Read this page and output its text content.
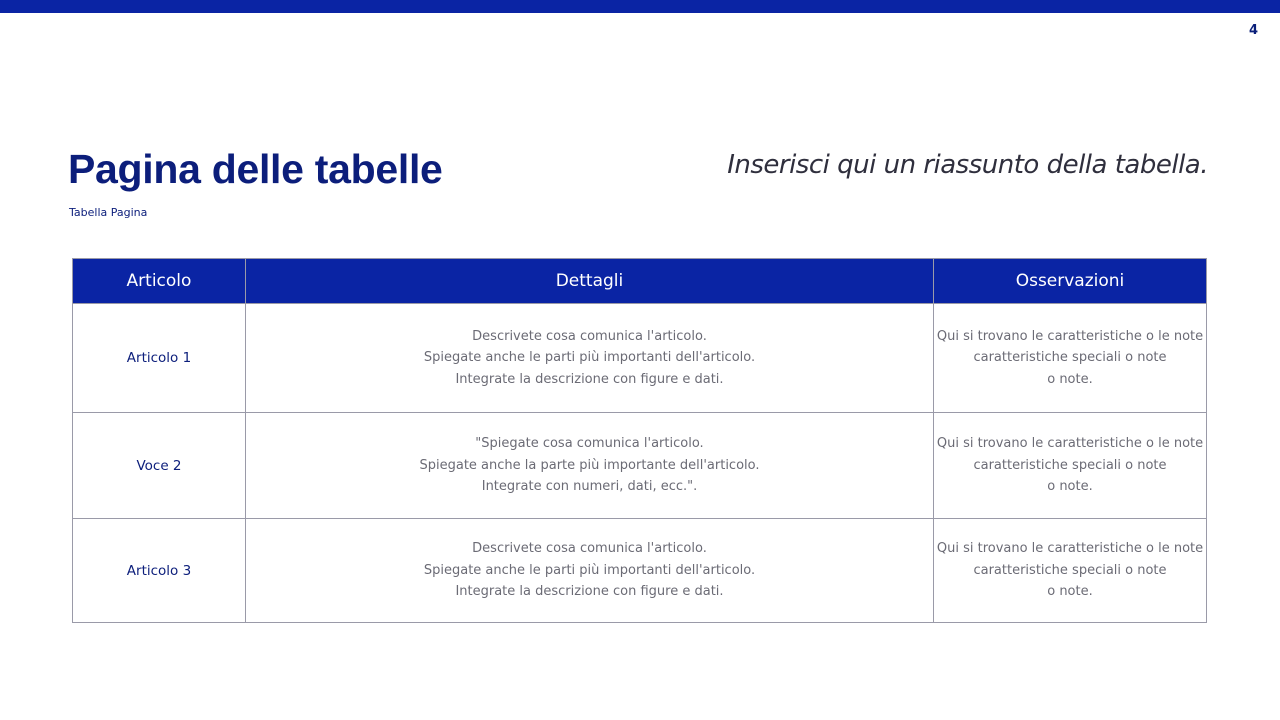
4
Pagina delle tabelle
Tabella Pagina
Inserisci qui un riassunto della tabella.
Articolo	Dettagli	Osservazioni
Articolo 1	Descrivete cosa comunica l'articolo.
Spiegate anche le parti più importanti dell'articolo.
Integrate la descrizione con figure e dati.	Qui si trovano le caratteristiche o le note
caratteristiche speciali o note
o note.

Voce 2	"Spiegate cosa comunica l'articolo.
Spiegate anche la parte più importante dell'articolo.
Integrate con numeri, dati, ecc.".	Qui si trovano le caratteristiche o le note
caratteristiche speciali o note
o note.

Articolo 3	Descrivete cosa comunica l'articolo.
Spiegate anche le parti più importanti dell'articolo.
Integrate la descrizione con figure e dati.	Qui si trovano le caratteristiche o le note
caratteristiche speciali o note
o note.
